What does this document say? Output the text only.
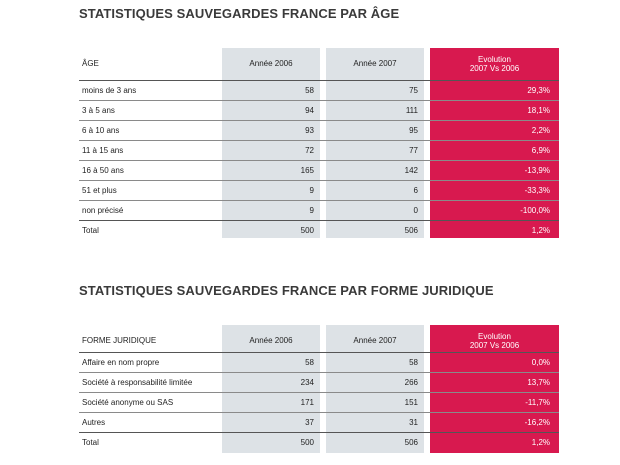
STATISTIQUES SAUVEGARDES FRANCE PAR ÂGE
ÂGE	Année 2006	Année 2007	Evolution
2007 Vs 2006
moins de 3 ans	58	75	29,3%
3 à 5 ans	94	111	18,1%
6 à 10 ans	93	95	2,2%
11 à 15 ans	72	77	6,9%
16 à 50 ans	165	142	-13,9%
51 et plus	9	6	-33,3%
non précisé	9	0	-100,0%
Total	500	506	1,2%
STATISTIQUES SAUVEGARDES FRANCE PAR FORME JURIDIQUE
FORME JURIDIQUE	Année 2006	Année 2007	Evolution
2007 Vs 2006
Affaire en nom propre	58	58	0,0%
Société à responsabilité limitée	234	266	13,7%
Société anonyme ou SAS	171	151	-11,7%
Autres	37	31	-16,2%
Total	500	506	1,2%
